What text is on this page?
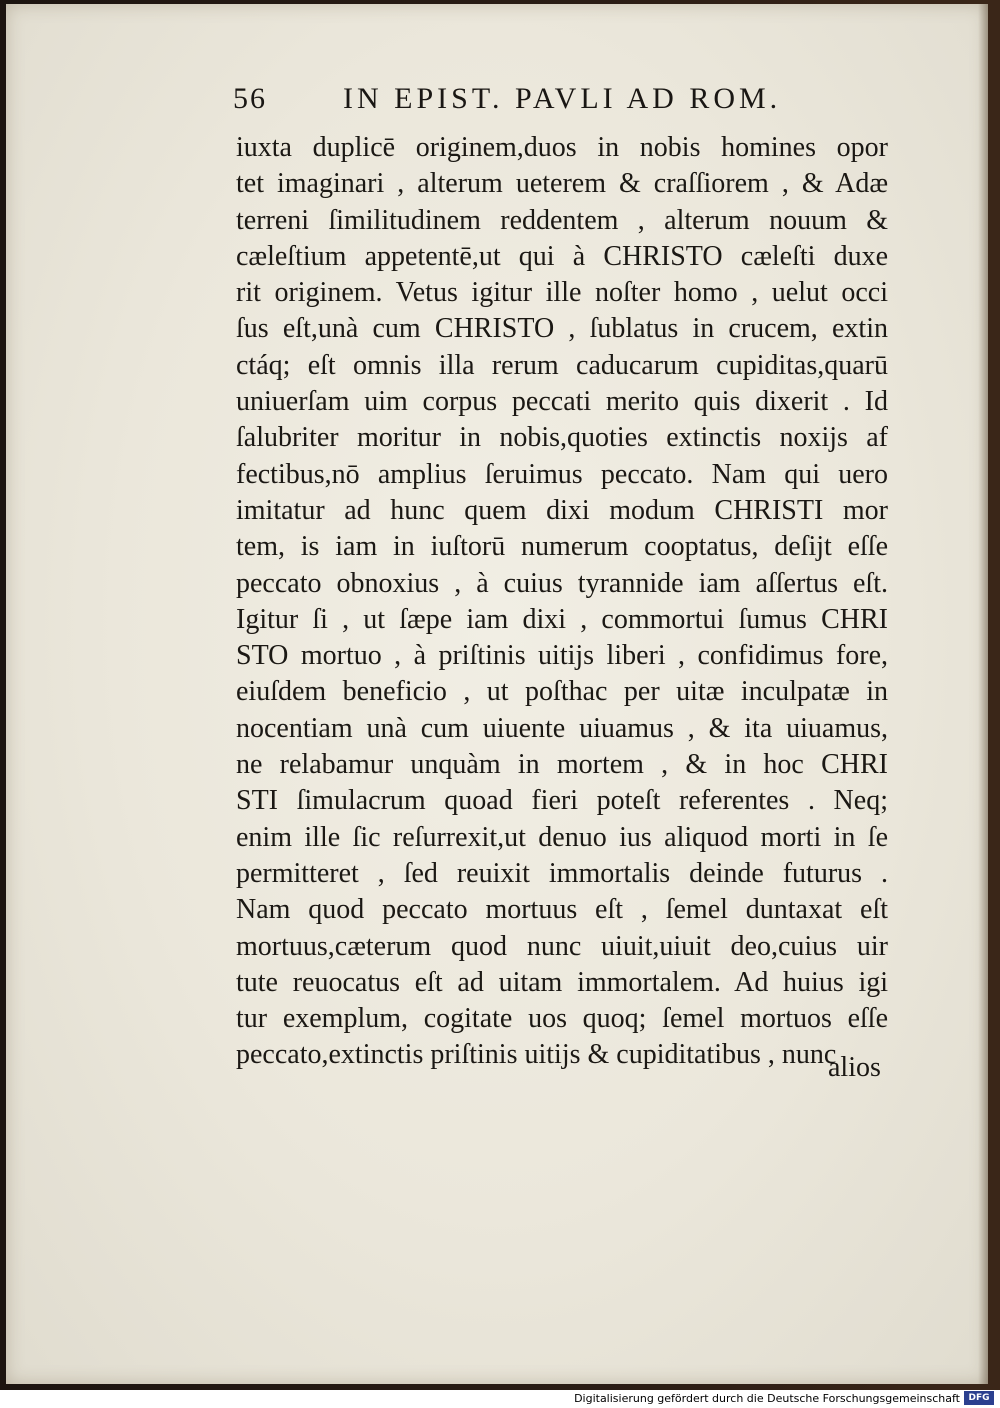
56	IN EPIST. PAVLI AD ROM.
iuxta duplicē originem,duos in nobis homines opor
tet imaginari , alterum ueterem & craſſiorem , & Adæ
terreni ſimilitudinem reddentem , alterum nouum &
cæleſtium appetentē,ut qui à CHRISTO cæleſti duxe
rit originem. Vetus igitur ille noſter homo , uelut occi
ſus eſt,unà cum CHRISTO , ſublatus in crucem, extin
ctáq; eſt omnis illa rerum caducarum cupiditas,quarū
uniuerſam uim corpus peccati merito quis dixerit . Id
ſalubriter moritur in nobis,quoties extinctis noxijs af
fectibus,nō amplius ſeruimus peccato. Nam qui uero
imitatur ad hunc quem dixi modum CHRISTI mor
tem, is iam in iuſtorū numerum cooptatus, deſijt eſſe
peccato obnoxius , à cuius tyrannide iam aſſertus eſt.
Igitur ſi , ut ſæpe iam dixi , commortui ſumus CHRI
STO mortuo , à priſtinis uitijs liberi , confidimus fore,
eiuſdem beneficio , ut poſthac per uitæ inculpatæ in
nocentiam unà cum uiuente uiuamus , & ita uiuamus,
ne relabamur unquàm in mortem , & in hoc CHRI
STI ſimulacrum quoad fieri poteſt referentes . Neq;
enim ille ſic reſurrexit,ut denuo ius aliquod morti in ſe
permitteret , ſed reuixit immortalis deinde futurus .
Nam quod peccato mortuus eſt , ſemel duntaxat eſt
mortuus,cæterum quod nunc uiuit,uiuit deo,cuius uir
tute reuocatus eſt ad uitam immortalem. Ad huius igi
tur exemplum, cogitate uos quoq; ſemel mortuos eſſe
peccato,extinctis priſtinis uitijs & cupiditatibus , nunc
alios
Digitalisierung gefördert durch die Deutsche Forschungsgemeinschaft DFG
